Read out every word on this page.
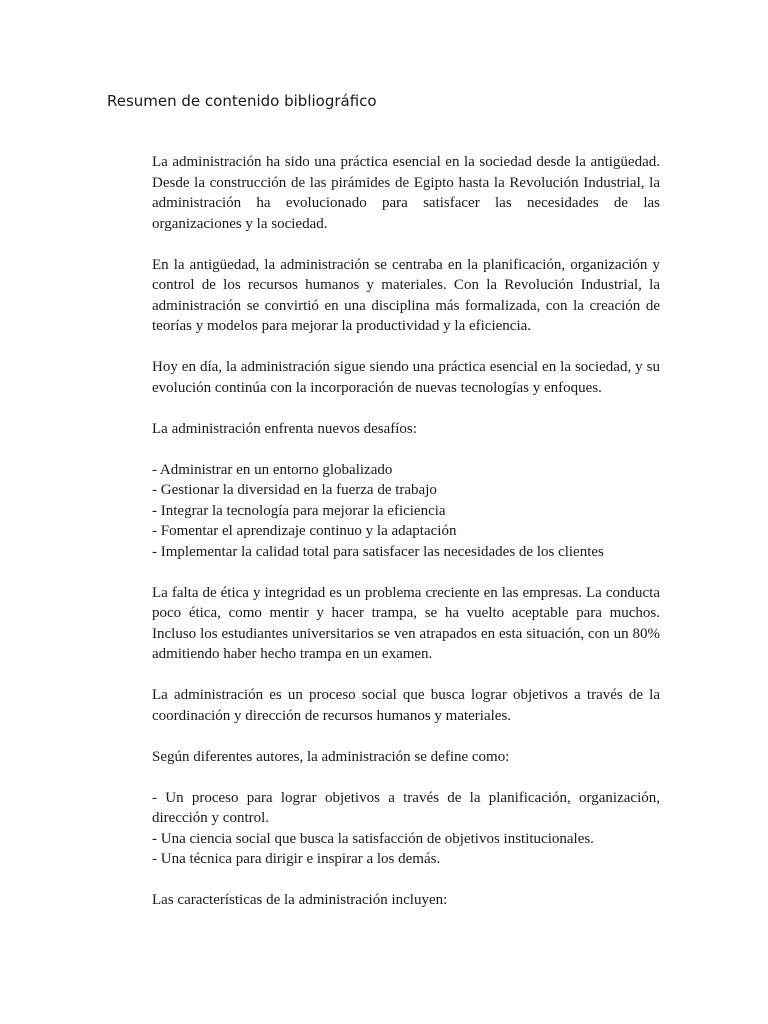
Resumen de contenido bibliográfico

La administración ha sido una práctica esencial en la sociedad desde la antigüedad. Desde la construcción de las pirámides de Egipto hasta la Revolución Industrial, la administración ha evolucionado para satisfacer las necesidades de las organizaciones y la sociedad.

En la antigüedad, la administración se centraba en la planificación, organización y control de los recursos humanos y materiales. Con la Revolución Industrial, la administración se convirtió en una disciplina más formalizada, con la creación de teorías y modelos para mejorar la productividad y la eficiencia.

Hoy en día, la administración sigue siendo una práctica esencial en la sociedad, y su evolución continúa con la incorporación de nuevas tecnologías y enfoques.

La administración enfrenta nuevos desafíos:

- Administrar en un entorno globalizado
- Gestionar la diversidad en la fuerza de trabajo
- Integrar la tecnología para mejorar la eficiencia
- Fomentar el aprendizaje continuo y la adaptación
- Implementar la calidad total para satisfacer las necesidades de los clientes

La falta de ética y integridad es un problema creciente en las empresas. La conducta poco ética, como mentir y hacer trampa, se ha vuelto aceptable para muchos. Incluso los estudiantes universitarios se ven atrapados en esta situación, con un 80% admitiendo haber hecho trampa en un examen.

La administración es un proceso social que busca lograr objetivos a través de la coordinación y dirección de recursos humanos y materiales.

Según diferentes autores, la administración se define como:

- Un proceso para lograr objetivos a través de la planificación, organización, dirección y control.
- Una ciencia social que busca la satisfacción de objetivos institucionales.
- Una técnica para dirigir e inspirar a los demás.

Las características de la administración incluyen:
